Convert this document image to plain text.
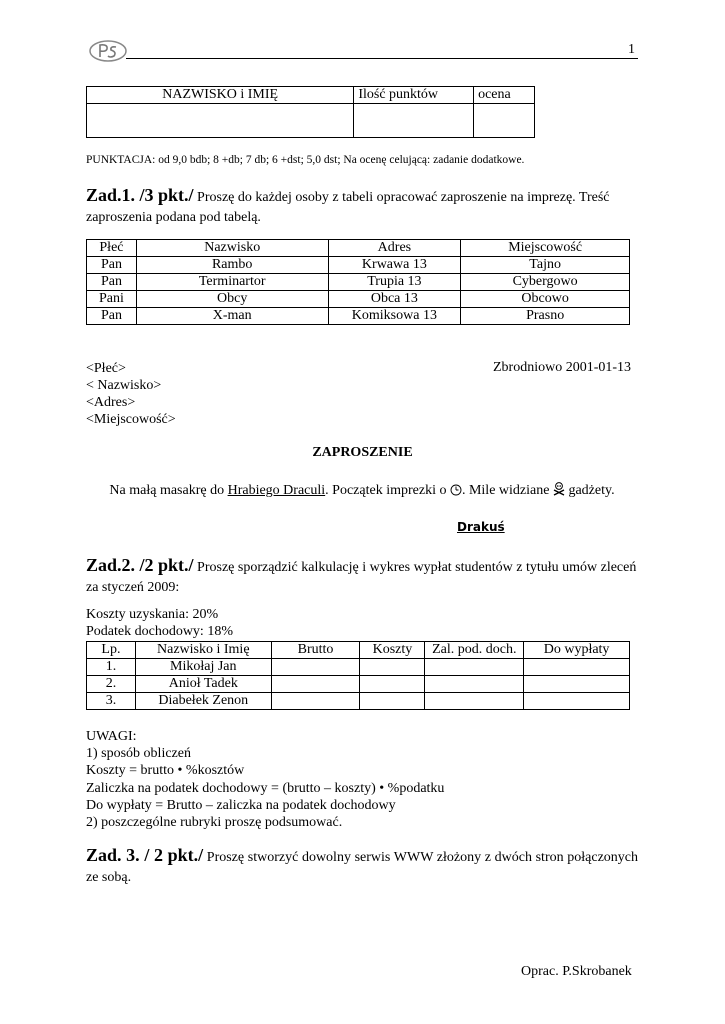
1
NAZWISKO i IMIĘ	Ilość punktów	ocena

PUNKTACJA: od 9,0 bdb; 8 +db; 7 db; 6 +dst; 5,0 dst; Na ocenę celującą: zadanie dodatkowe.
Zad.1. /3 pkt./ Proszę do każdej osoby z tabeli opracować zaproszenie na imprezę. Treść zaproszenia podana pod tabelą.
Płeć	Nazwisko	Adres	Miejscowość
Pan	Rambo	Krwawa 13	Tajno
Pan	Terminartor	Trupia 13	Cybergowo
Pani	Obcy	Obca 13	Obcowo
Pan	X-man	Komiksowa 13	Prasno
<Płeć>
< Nazwisko>
<Adres>
<Miejscowość>
Zbrodniowo 2001-01-13
ZAPROSZENIE
Na małą masakrę do Hrabiego Draculi. Początek imprezki o . Mile widziane  gadżety.
Drakuś
Zad.2. /2 pkt./ Proszę sporządzić kalkulację i wykres wypłat studentów z tytułu umów zleceń za styczeń 2009:
Koszty uzyskania: 20%
Podatek dochodowy: 18%
Lp.	Nazwisko i Imię	Brutto	Koszty	Zal. pod. doch.	Do wypłaty
1.	Mikołaj Jan				
2.	Anioł Tadek				
3.	Diabełek Zenon				
UWAGI:
1) sposób obliczeń
Koszty = brutto • %kosztów
Zaliczka na podatek dochodowy = (brutto – koszty) • %podatku
Do wypłaty = Brutto – zaliczka na podatek dochodowy
2) poszczególne rubryki proszę podsumować.
Zad. 3. / 2 pkt./ Proszę stworzyć dowolny serwis WWW złożony z dwóch stron połączonych ze sobą.
Oprac. P.Skrobanek
